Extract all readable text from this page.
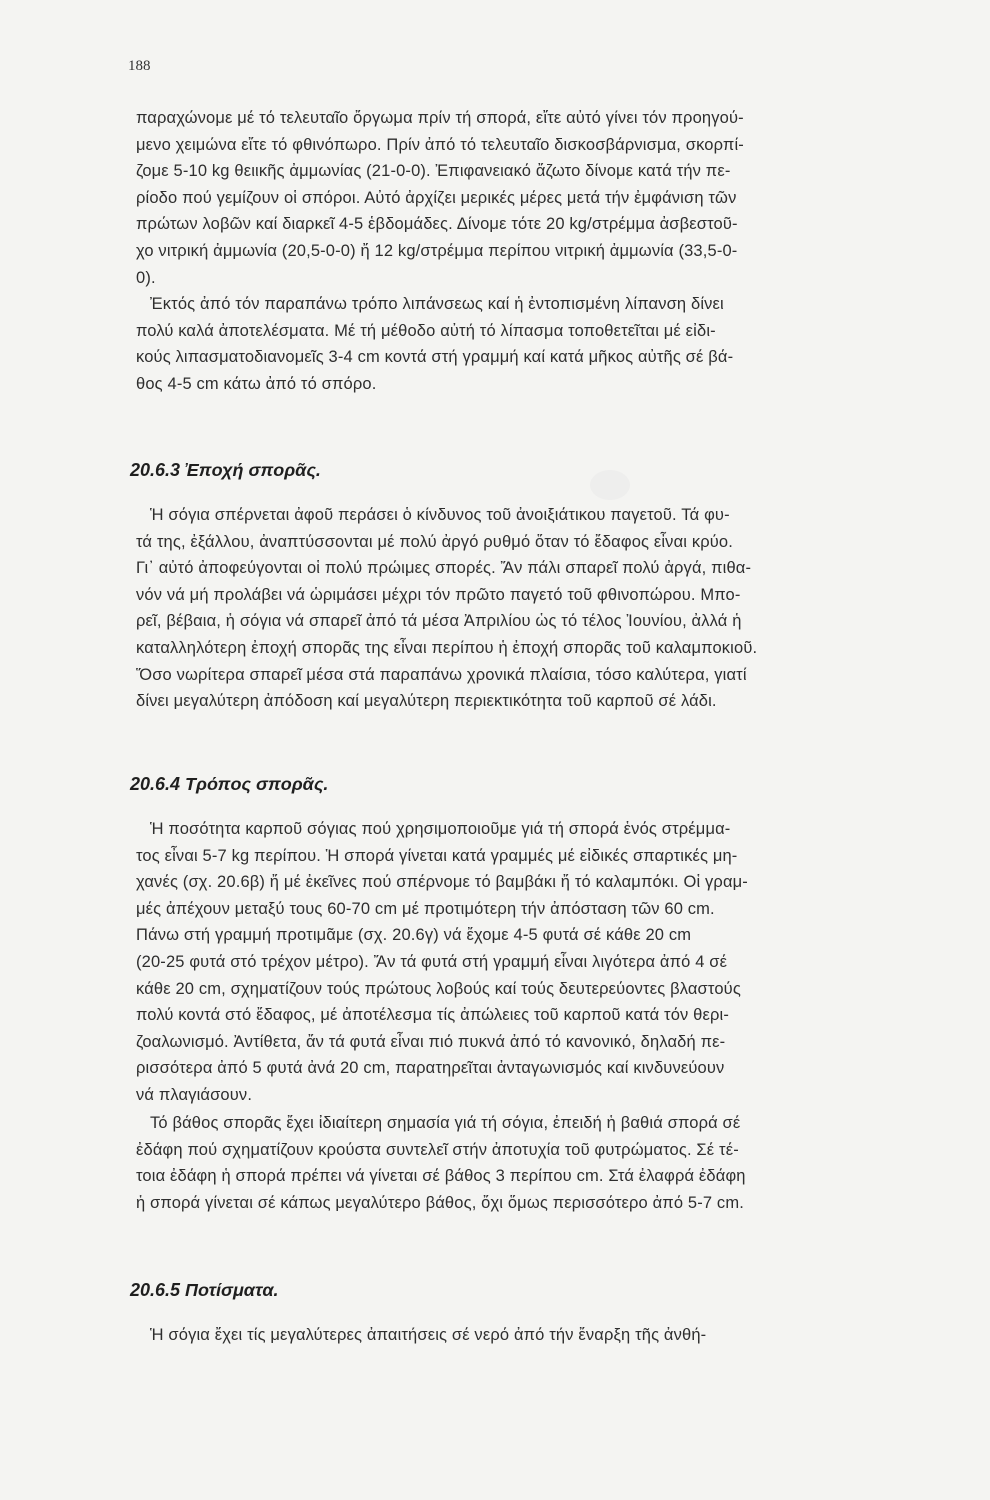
188
παραχώνομε μέ τό τελευταῖο ὄργωμα πρίν τή σπορά, εἴτε αὐτό γίνει τόν προηγού-
μενο χειμώνα εἴτε τό φθινόπωρο. Πρίν ἀπό τό τελευταῖο δισκοσβάρνισμα, σκορπί-
ζομε 5-10 kg θειικῆς ἀμμωνίας (21-0-0). Ἐπιφανειακό ἄζωτο δίνομε κατά τήν πε-
ρίοδο πού γεμίζουν οἱ σπόροι. Αὐτό ἀρχίζει μερικές μέρες μετά τήν ἐμφάνιση τῶν
πρώτων λοβῶν καί διαρκεῖ 4-5 ἑβδομάδες. Δίνομε τότε 20 kg/στρέμμα ἀσβεστοῦ-
χο νιτρική ἀμμωνία (20,5-0-0) ἤ 12 kg/στρέμμα περίπου νιτρική ἀμμωνία (33,5-0-
0).
Ἐκτός ἀπό τόν παραπάνω τρόπο λιπάνσεως καί ἡ ἐντοπισμένη λίπανση δίνει
πολύ καλά ἀποτελέσματα. Μέ τή μέθοδο αὐτή τό λίπασμα τοποθετεῖται μέ εἰδι-
κούς λιπασματοδιανομεῖς 3-4 cm κοντά στή γραμμή καί κατά μῆκος αὐτῆς σέ βά-
θος 4-5 cm κάτω ἀπό τό σπόρο.
20.6.3 Ἐποχή σπορᾶς.
Ἡ σόγια σπέρνεται ἀφοῦ περάσει ὁ κίνδυνος τοῦ ἀνοιξιάτικου παγετοῦ. Τά φυ-
τά της, ἐξάλλου, ἀναπτύσσονται μέ πολύ ἀργό ρυθμό ὅταν τό ἔδαφος εἶναι κρύο.
Γι᾽ αὐτό ἀποφεύγονται οἱ πολύ πρώιμες σπορές. Ἄν πάλι σπαρεῖ πολύ ἀργά, πιθα-
νόν νά μή προλάβει νά ὡριμάσει μέχρι τόν πρῶτο παγετό τοῦ φθινοπώρου. Μπο-
ρεῖ, βέβαια, ἡ σόγια νά σπαρεῖ ἀπό τά μέσα Ἀπριλίου ὡς τό τέλος Ἰουνίου, ἀλλά ἡ
καταλληλότερη ἐποχή σπορᾶς της εἶναι περίπου ἡ ἐποχή σπορᾶς τοῦ καλαμποκιοῦ.
Ὅσο νωρίτερα σπαρεῖ μέσα στά παραπάνω χρονικά πλαίσια, τόσο καλύτερα, γιατί
δίνει μεγαλύτερη ἀπόδοση καί μεγαλύτερη περιεκτικότητα τοῦ καρποῦ σέ λάδι.
20.6.4 Τρόπος σπορᾶς.
Ἡ ποσότητα καρποῦ σόγιας πού χρησιμοποιοῦμε γιά τή σπορά ἑνός στρέμμα-
τος εἶναι 5-7 kg περίπου. Ἡ σπορά γίνεται κατά γραμμές μέ εἰδικές σπαρτικές μη-
χανές (σχ. 20.6β) ἤ μέ ἐκεῖνες πού σπέρνομε τό βαμβάκι ἤ τό καλαμπόκι. Οἱ γραμ-
μές ἀπέχουν μεταξύ τους 60-70 cm μέ προτιμότερη τήν ἀπόσταση τῶν 60 cm.
Πάνω στή γραμμή προτιμᾶμε (σχ. 20.6γ) νά ἔχομε 4-5 φυτά σέ κάθε 20 cm
(20-25 φυτά στό τρέχον μέτρο). Ἄν τά φυτά στή γραμμή εἶναι λιγότερα ἀπό 4 σέ
κάθε 20 cm, σχηματίζουν τούς πρώτους λοβούς καί τούς δευτερεύοντες βλαστούς
πολύ κοντά στό ἔδαφος, μέ ἀποτέλεσμα τίς ἀπώλειες τοῦ καρποῦ κατά τόν θερι-
ζοαλωνισμό. Ἀντίθετα, ἄν τά φυτά εἶναι πιό πυκνά ἀπό τό κανονικό, δηλαδή πε-
ρισσότερα ἀπό 5 φυτά ἀνά 20 cm, παρατηρεῖται ἀνταγωνισμός καί κινδυνεύουν
νά πλαγιάσουν.
Τό βάθος σπορᾶς ἔχει ἰδιαίτερη σημασία γιά τή σόγια, ἐπειδή ἡ βαθιά σπορά σέ
ἐδάφη πού σχηματίζουν κρούστα συντελεῖ στήν ἀποτυχία τοῦ φυτρώματος. Σέ τέ-
τοια ἐδάφη ἡ σπορά πρέπει νά γίνεται σέ βάθος 3 περίπου cm. Στά ἐλαφρά ἐδάφη
ἡ σπορά γίνεται σέ κάπως μεγαλύτερο βάθος, ὄχι ὅμως περισσότερο ἀπό 5-7 cm.
20.6.5 Ποτίσματα.
Ἡ σόγια ἔχει τίς μεγαλύτερες ἀπαιτήσεις σέ νερό ἀπό τήν ἔναρξη τῆς ἀνθή-
